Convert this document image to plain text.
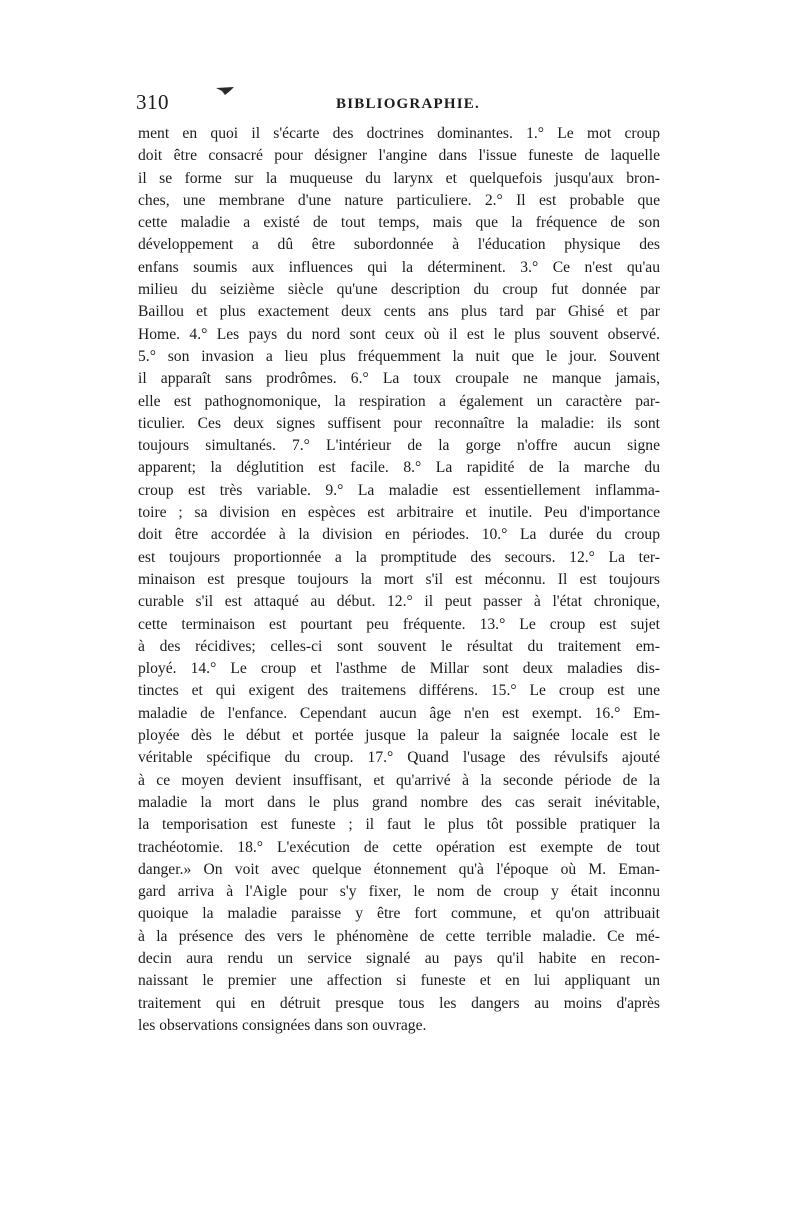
310	BIBLIOGRAPHIE.
ment en quoi il s'écarte des doctrines dominantes. 1.° Le mot croup
doit être consacré pour désigner l'angine dans l'issue funeste de laquelle
il se forme sur la muqueuse du larynx et quelquefois jusqu'aux bron-
ches, une membrane d'une nature particuliere. 2.° Il est probable que
cette maladie a existé de tout temps, mais que la fréquence de son
développement a dû être subordonnée à l'éducation physique des
enfans soumis aux influences qui la déterminent. 3.° Ce n'est qu'au
milieu du seizième siècle qu'une description du croup fut donnée par
Baillou et plus exactement deux cents ans plus tard par Ghisé et par
Home. 4.° Les pays du nord sont ceux où il est le plus souvent observé.
5.° son invasion a lieu plus fréquemment la nuit que le jour. Souvent
il apparaît sans prodrômes. 6.° La toux croupale ne manque jamais,
elle est pathognomonique, la respiration a également un caractère par-
ticulier. Ces deux signes suffisent pour reconnaître la maladie: ils sont
toujours simultanés. 7.° L'intérieur de la gorge n'offre aucun signe
apparent; la déglutition est facile. 8.° La rapidité de la marche du
croup est très variable. 9.° La maladie est essentiellement inflamma-
toire ; sa division en espèces est arbitraire et inutile. Peu d'importance
doit être accordée à la division en périodes. 10.° La durée du croup
est toujours proportionnée a la promptitude des secours. 12.° La ter-
minaison est presque toujours la mort s'il est méconnu. Il est toujours
curable s'il est attaqué au début. 12.° il peut passer à l'état chronique,
cette terminaison est pourtant peu fréquente. 13.° Le croup est sujet
à des récidives; celles-ci sont souvent le résultat du traitement em-
ployé. 14.° Le croup et l'asthme de Millar sont deux maladies dis-
tinctes et qui exigent des traitemens différens. 15.° Le croup est une
maladie de l'enfance. Cependant aucun âge n'en est exempt. 16.° Em-
ployée dès le début et portée jusque la paleur la saignée locale est le
véritable spécifique du croup. 17.° Quand l'usage des révulsifs ajouté
à ce moyen devient insuffisant, et qu'arrivé à la seconde période de la
maladie la mort dans le plus grand nombre des cas serait inévitable,
la temporisation est funeste ; il faut le plus tôt possible pratiquer la
trachéotomie. 18.° L'exécution de cette opération est exempte de tout
danger.» On voit avec quelque étonnement qu'à l'époque où M. Eman-
gard arriva à l'Aigle pour s'y fixer, le nom de croup y était inconnu
quoique la maladie paraisse y être fort commune, et qu'on attribuait
à la présence des vers le phénomène de cette terrible maladie. Ce mé-
decin aura rendu un service signalé au pays qu'il habite en recon-
naissant le premier une affection si funeste et en lui appliquant un
traitement qui en détruit presque tous les dangers au moins d'après
les observations consignées dans son ouvrage.
